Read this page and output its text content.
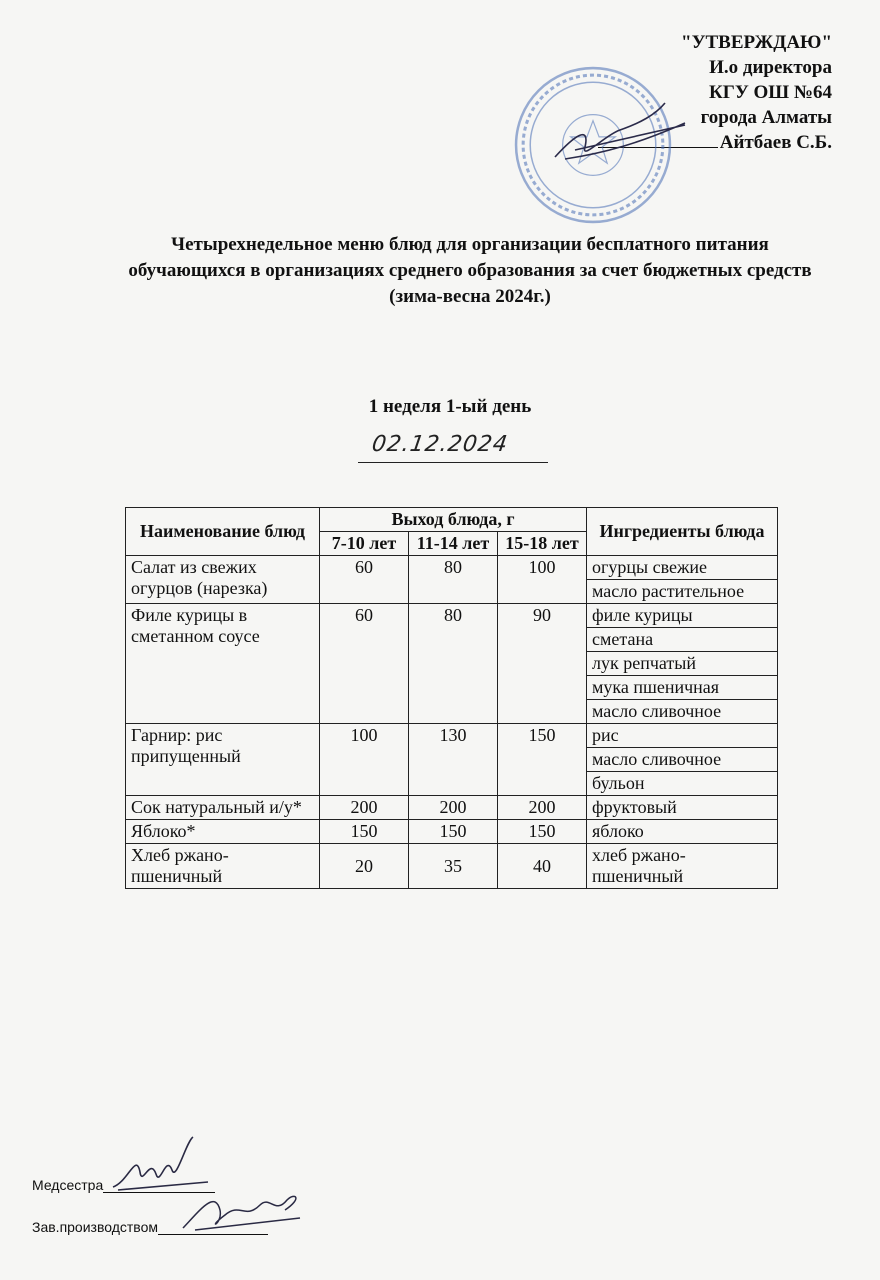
"УТВЕРЖДАЮ"
И.о директора
КГУ ОШ №64
города Алматы
Айтбаев С.Б.
Четырехнедельное меню блюд для организации бесплатного питания обучающихся в организациях среднего образования за счет бюджетных средств (зима-весна 2024г.)
1 неделя 1-ый день
02.12.2024
Наименование блюд	Выход блюда, г			Ингредиенты блюда
	7-10 лет	11-14 лет	15-18 лет	
Салат из свежих огурцов (нарезка)	60	80	100	огурцы свежие
				масло растительное
Филе курицы в сметанном соусе	60	80	90	филе курицы
				сметана
				лук репчатый
				мука пшеничная
				масло сливочное
Гарнир: рис припущенный	100	130	150	рис
				масло сливочное
				бульон
Сок натуральный и/у*	200	200	200	фруктовый
Яблоко*	150	150	150	яблоко
Хлеб ржано-пшеничный	20	35	40	хлеб ржано-пшеничный
Медсестра
Зав.производством
